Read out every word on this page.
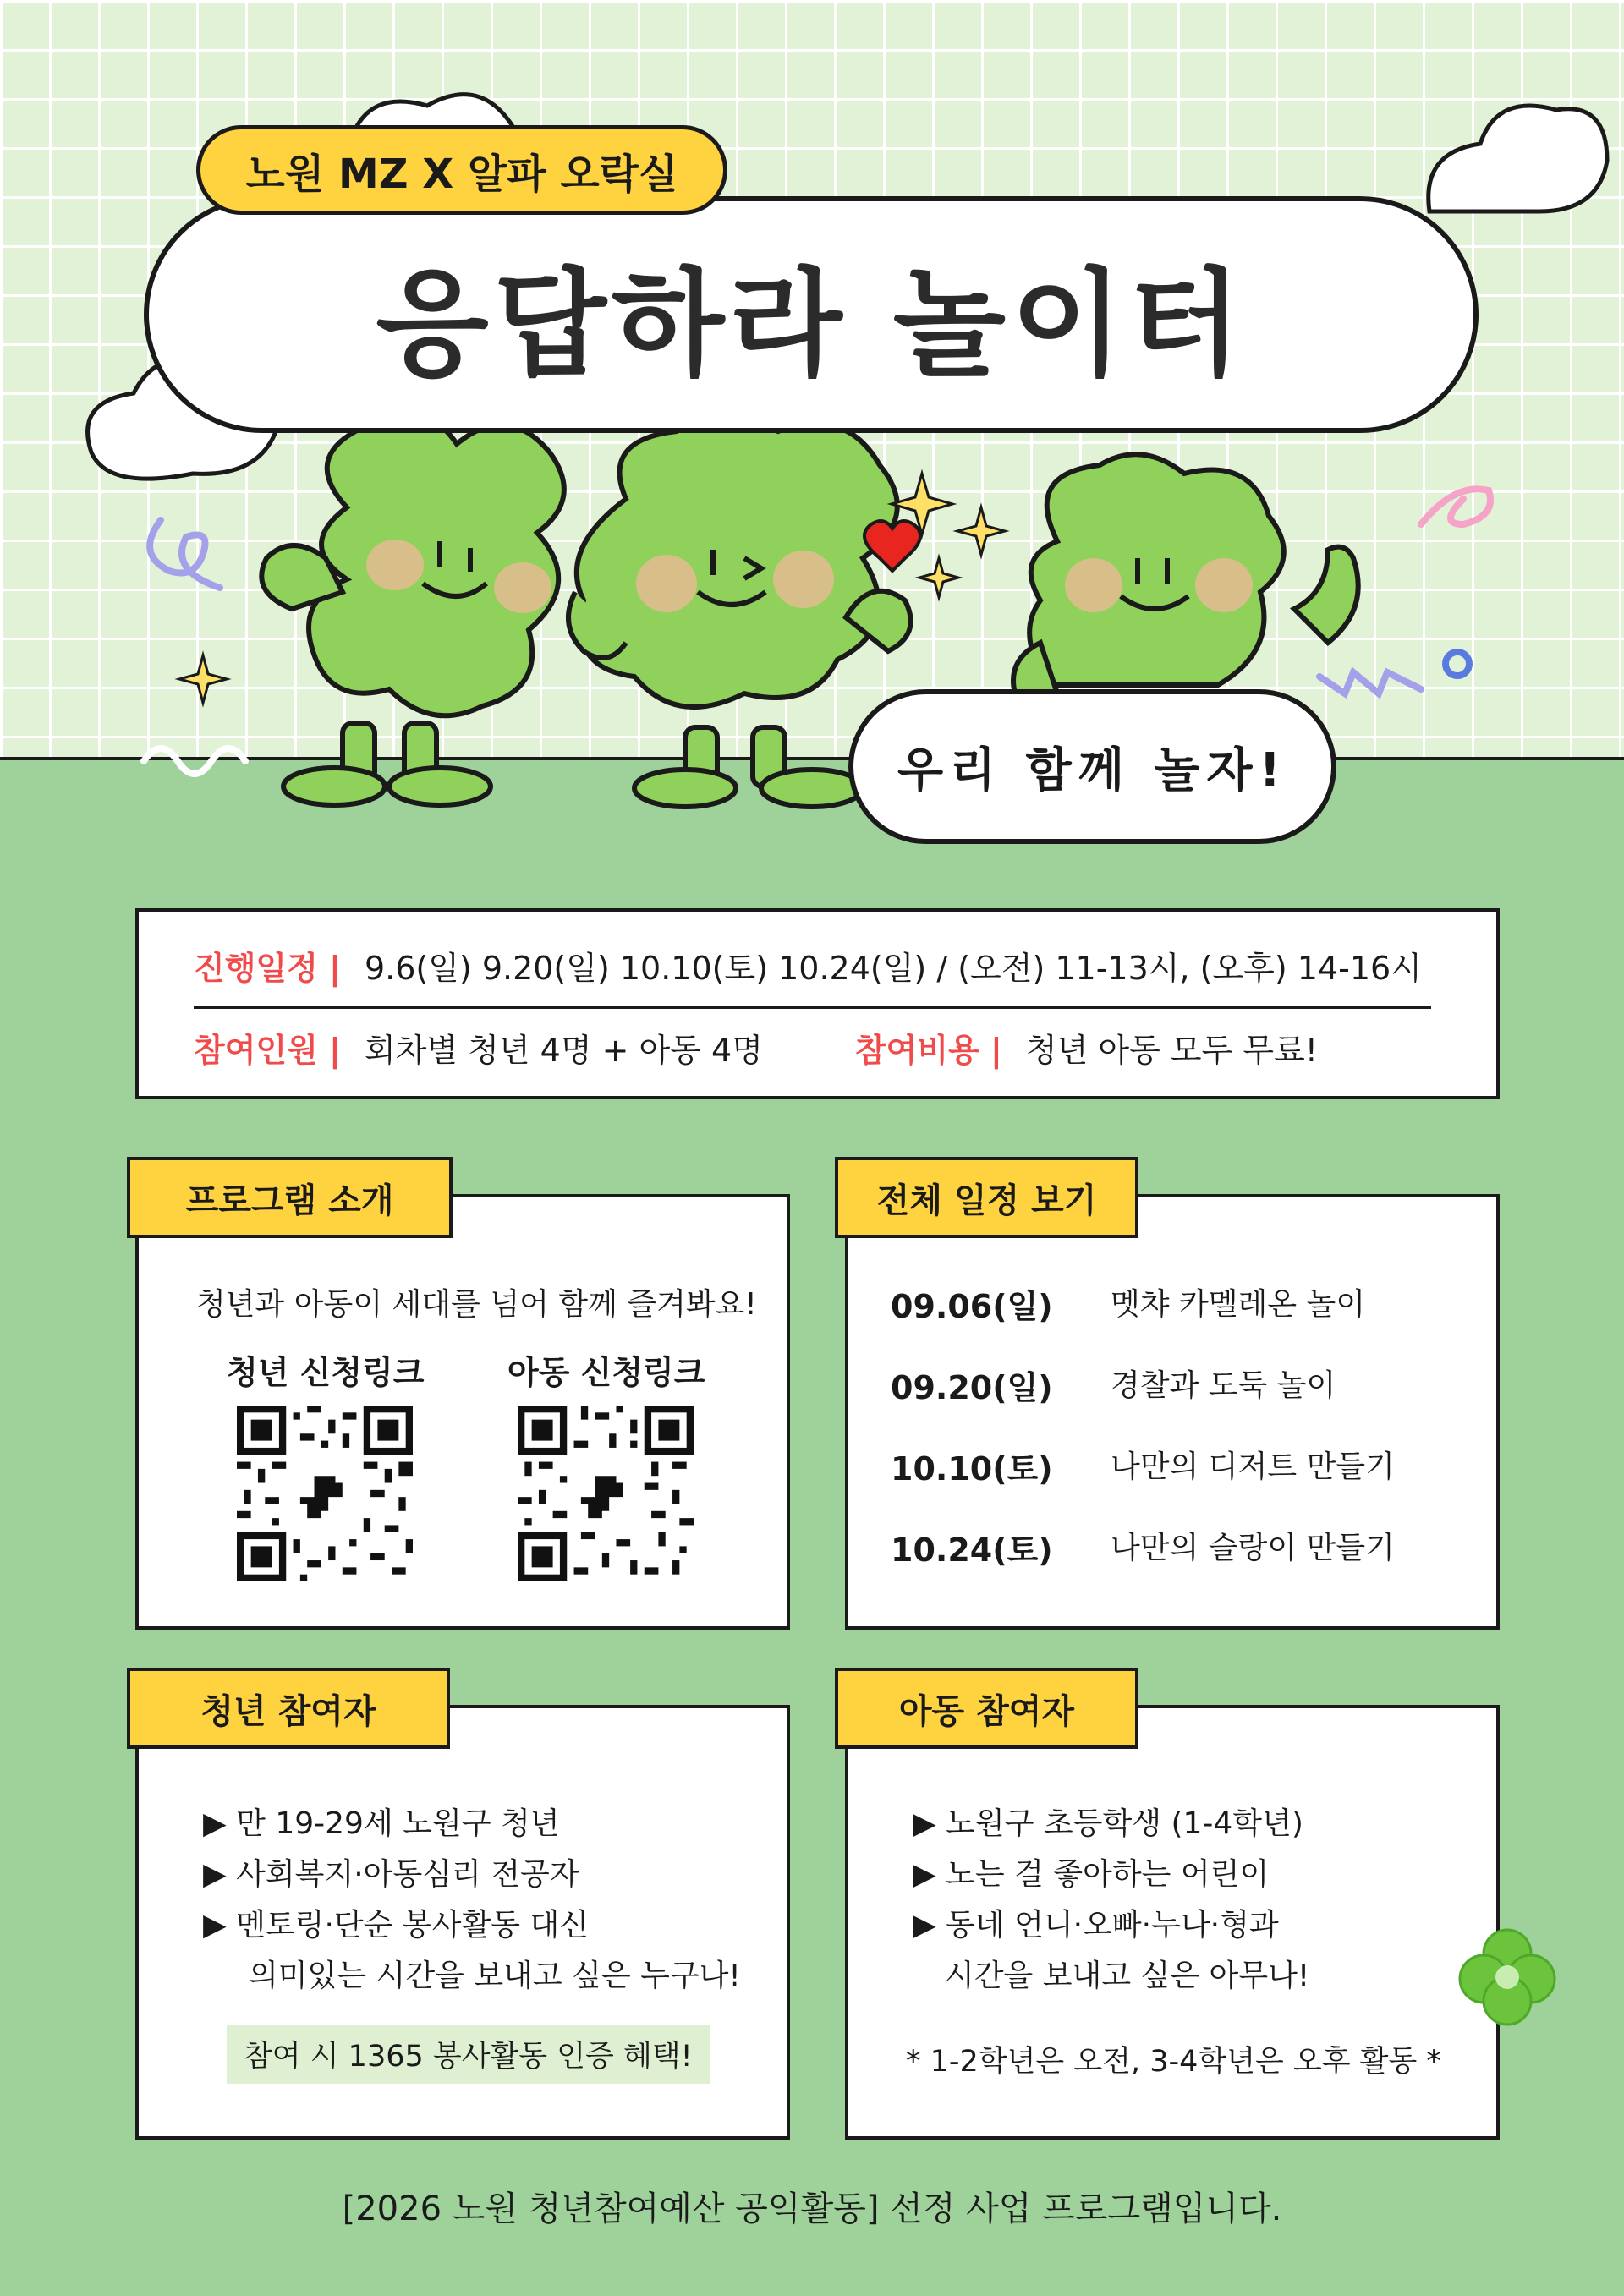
노원 MZ X 알파 오락실
응답하라 놀이터
우리 함께 놀자!
진행일정 | 9.6(일) 9.20(일) 10.10(토) 10.24(일) / (오전) 11-13시, (오후) 14-16시
참여인원 | 회차별 청년 4명 + 아동 4명	참여비용 | 청년 아동 모두 무료!
프로그램 소개
청년과 아동이 세대를 넘어 함께 즐겨봐요!
청년 신청링크	아동 신청링크
전체 일정 보기
09.06(일) 멧챠 카멜레온 놀이
09.20(일) 경찰과 도둑 놀이
10.10(토) 나만의 디저트 만들기
10.24(토) 나만의 슬랑이 만들기
청년 참여자
▶ 만 19-29세 노원구 청년
▶ 사회복지·아동심리 전공자
▶ 멘토링·단순 봉사활동 대신
의미있는 시간을 보내고 싶은 누구나!
참여 시 1365 봉사활동 인증 혜택!
아동 참여자
▶ 노원구 초등학생 (1-4학년)
▶ 노는 걸 좋아하는 어린이
▶ 동네 언니·오빠·누나·형과
시간을 보내고 싶은 아무나!
* 1-2학년은 오전, 3-4학년은 오후 활동 *
[2026 노원 청년참여예산 공익활동] 선정 사업 프로그램입니다.
